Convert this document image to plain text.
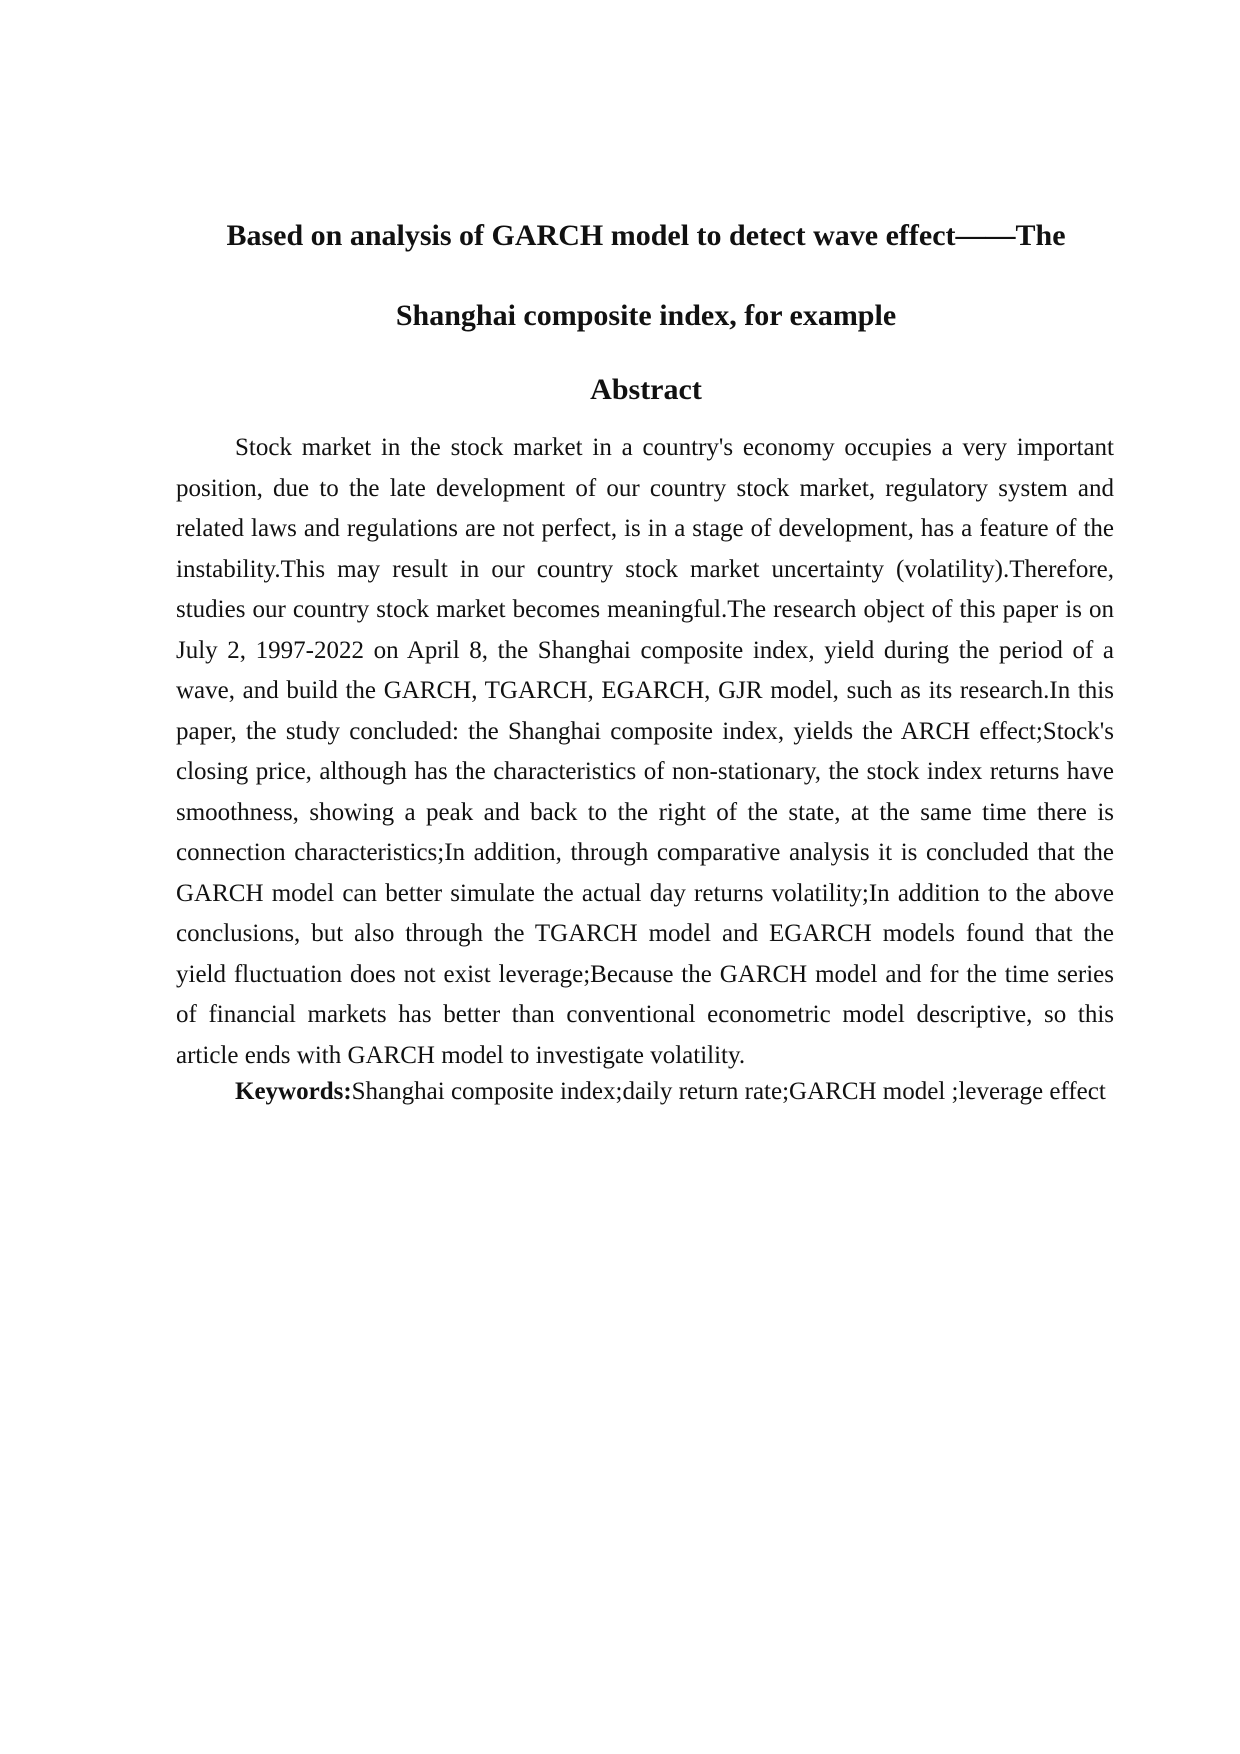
Based on analysis of GARCH model to detect wave effect——The
Shanghai composite index, for example
Abstract

Stock market in the stock market in a country's economy occupies a very important position, due to the late development of our country stock market, regulatory system and related laws and regulations are not perfect, is in a stage of development, has a feature of the instability.This may result in our country stock market uncertainty (volatility).Therefore, studies our country stock market becomes meaningful.The research object of this paper is on July 2, 1997-2022 on April 8, the Shanghai composite index, yield during the period of a wave, and build the GARCH, TGARCH, EGARCH, GJR model, such as its research.In this paper, the study concluded: the Shanghai composite index, yields the ARCH effect;Stock's closing price, although has the characteristics of non-stationary, the stock index returns have smoothness, showing a peak and back to the right of the state, at the same time there is connection characteristics;In addition, through comparative analysis it is concluded that the GARCH model can better simulate the actual day returns volatility;In addition to the above conclusions, but also through the TGARCH model and EGARCH models found that the yield fluctuation does not exist leverage;Because the GARCH model and for the time series of financial markets has better than conventional econometric model descriptive, so this article ends with GARCH model to investigate volatility.

Keywords:Shanghai composite index;daily return rate;GARCH model ;leverage effect
